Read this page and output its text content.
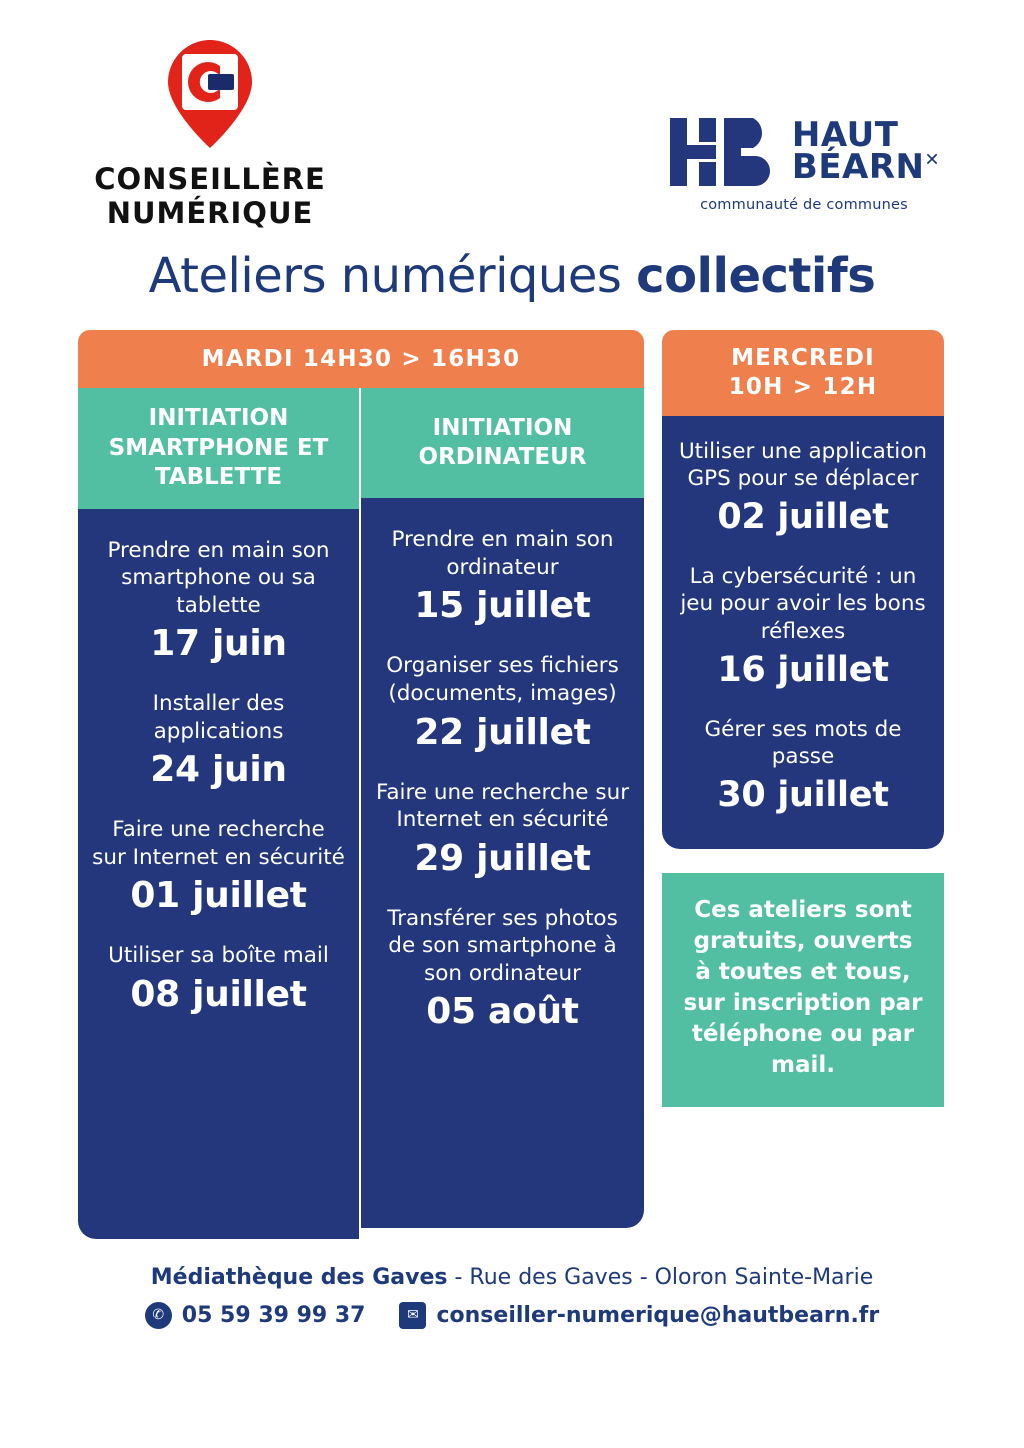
CONSEILLÈRE
NUMÉRIQUE
HAUT
BÉARN✕
communauté de communes
Ateliers numériques collectifs
MARDI 14H30 > 16H30
INITIATION SMARTPHONE ET TABLETTE
Prendre en main son smartphone ou sa tablette
17 juin
Installer des applications
24 juin
Faire une recherche sur Internet en sécurité
01 juillet
Utiliser sa boîte mail
08 juillet
INITIATION ORDINATEUR
Prendre en main son ordinateur
15 juillet
Organiser ses fichiers (documents, images)
22 juillet
Faire une recherche sur Internet en sécurité
29 juillet
Transférer ses photos de son smartphone à son ordinateur
05 août
MERCREDI
10H > 12H
Utiliser une application GPS pour se déplacer
02 juillet
La cybersécurité : un jeu pour avoir les bons réflexes
16 juillet
Gérer ses mots de passe
30 juillet
Ces ateliers sont gratuits, ouverts à toutes et tous, sur inscription par téléphone ou par mail.
Médiathèque des Gaves - Rue des Gaves - Oloron Sainte-Marie
✆ 05 59 39 99 37	✉ conseiller-numerique@hautbearn.fr
